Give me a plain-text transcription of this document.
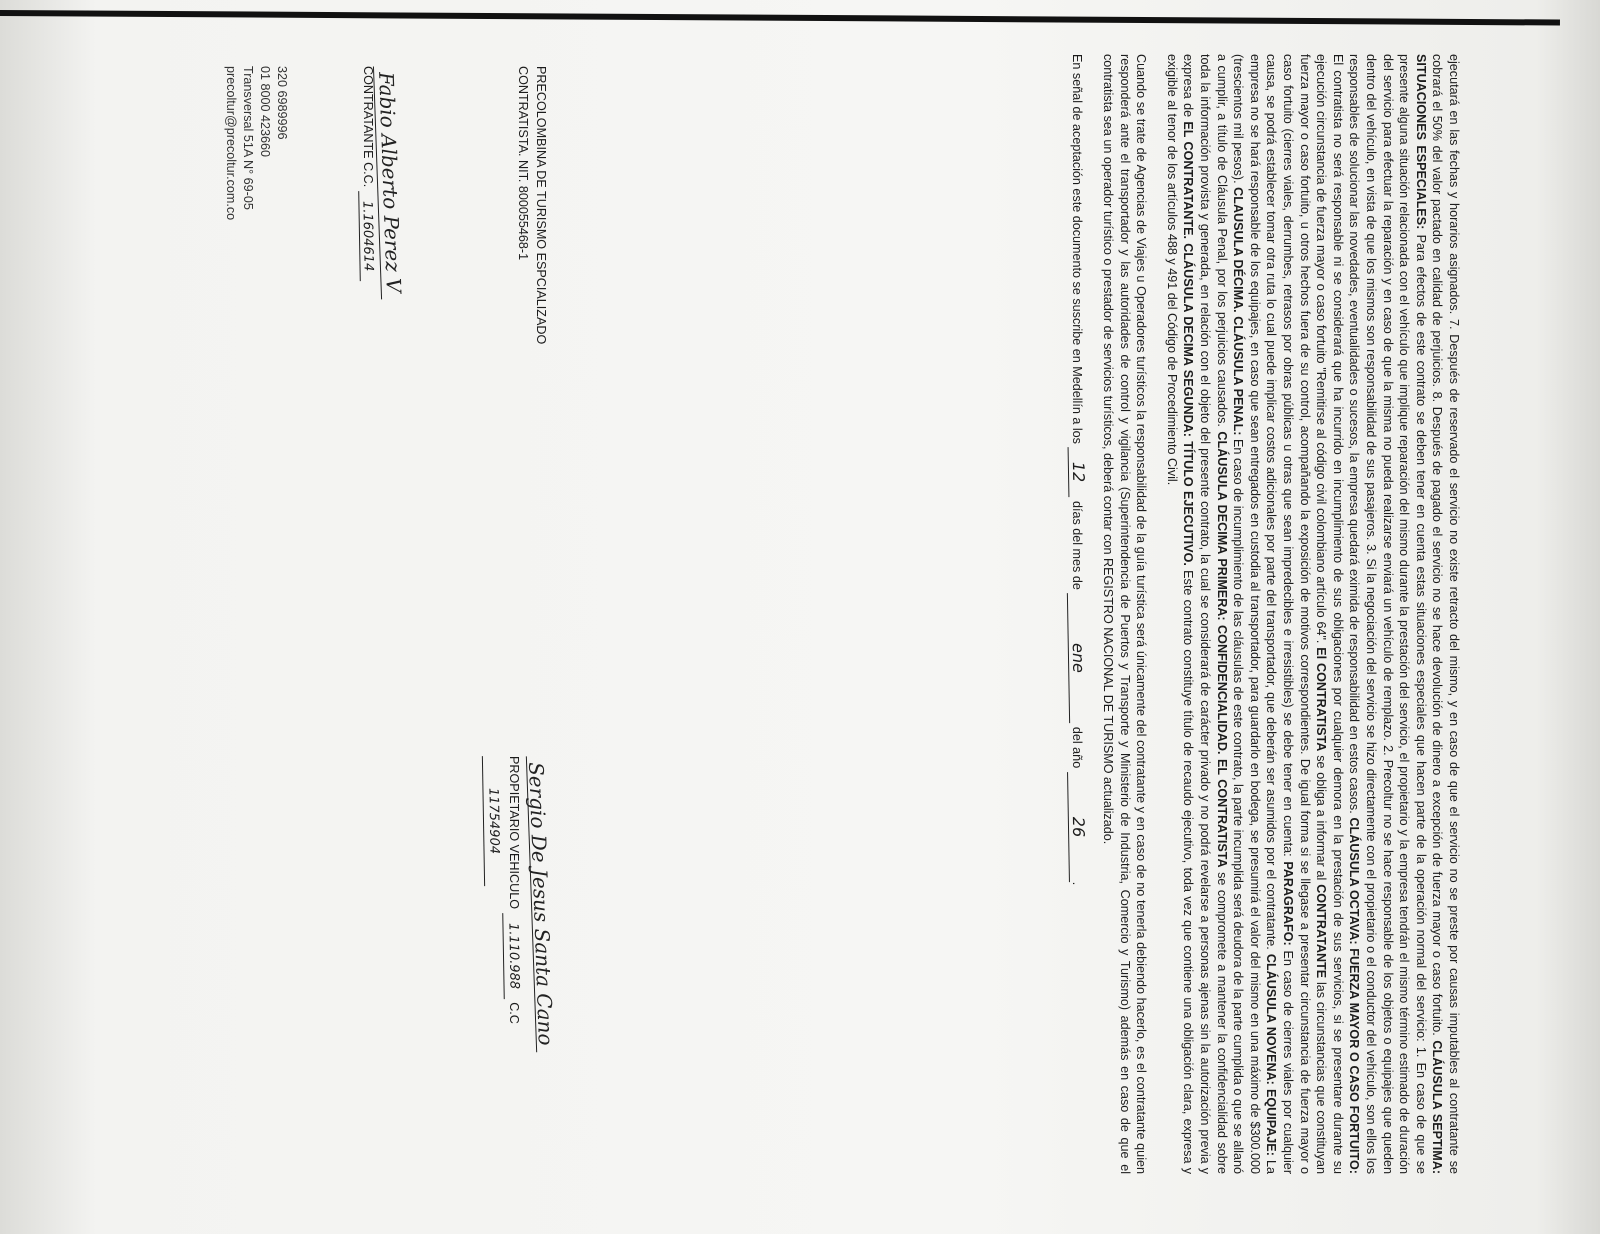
ejecutará en las fechas y horarios asignados. 7. Después de reservado el servicio no existe retracto del mismo, y en caso de que el servicio no se preste por causas imputables al contratante se cobrará el 50% del valor pactado en calidad de perjuicios. 8. Después de pagado el servicio no se hace devolución de dinero a excepción de fuerza mayor o caso fortuito. CLÁUSULA SEPTIMA: SITUACIONES ESPECIALES: Para efectos de este contrato se deben tener en cuenta estas situaciones especiales que hacen parte de la operación normal del servicio: 1. En caso de que se presente alguna situación relacionada con el vehículo que implique reparación del mismo durante la prestación del servicio, el propietario y la empresa tendrán el mismo término estimado de duración del servicio para efectuar la reparación y en caso de que la misma no pueda realizarse enviará un vehículo de remplazo. 2. Precoltur no se hace responsable de los objetos o equipajes que queden dentro del vehículo, en vista de que los mismos son responsabilidad de sus pasajeros. 3. Si la negociación del servicio se hizo directamente con el propietario o el conductor del vehículo, son ellos los responsables de solucionar las novedades, eventualidades o sucesos, la empresa quedará eximida de responsabilidad en estos casos. CLÁUSULA OCTAVA: FUERZA MAYOR O CASO FORTUITO: El contratista no será responsable ni se considerará que ha incurrido en incumplimiento de sus obligaciones por cualquier demora en la prestación de sus servicios, si se presentare durante su ejecución circunstancia de fuerza mayor o caso fortuito "Remitirse al código civil colombiano artículo 64". El CONTRATISTA se obliga a informar al CONTRATANTE las circunstancias que constituyan fuerza mayor o caso fortuito, u otros hechos fuera de su control, acompañando la exposición de motivos correspondientes. De igual forma si se llegase a presentar circunstancia de fuerza mayor o caso fortuito (cierres viales, derrumbes, retrasos por obras públicas u otras que sean impredecibles e irresistibles) se debe tener en cuenta: PARAGRAFO: En caso de cierres viales por cualquier causa, se podrá establecer tomar otra ruta lo cual puede implicar costos adicionales por parte del transportador, que deberán ser asumidos por el contratante. CLÁUSULA NOVENA: EQUIPAJE: La empresa no se hará responsable de los equipajes, en caso que sean entregados en custodia al transportador, para guardarlo en bodega, se presumirá el valor del mismo en una máximo de $300.000 (trescientos mil pesos). CLAUSULA DÉCIMA. CLÁUSULA PENAL: En caso de incumplimiento de las cláusulas de este contrato, la parte incumplida será deudora de la parte cumplida o que se allanó a cumplir, a título de Cláusula Penal, por los perjuicios causados. CLÁUSULA DECIMA PRIMERA: CONFIDENCIALIDAD. EL CONTRATISTA se compromete a mantener la confidencialidad sobre toda la información provista y generada, en relación con el objeto del presente contrato, la cual se considerará de carácter privado y no podrá revelarse a personas ajenas sin la autorización previa y expresa de EL CONTRATANTE. CLÁUSULA DECIMA SEGUNDA: TÍTULO EJECUTIVO. Este contrato constituye título de recaudo ejecutivo, toda vez que contiene una obligación clara, expresa y exigible al tenor de los artículos 488 y 491 del Código de Procedimiento Civil.

Cuando se trate de Agencias de Viajes u Operadores turísticos la responsabilidad de la guía turística será únicamente del contratante y en caso de no tenerla debiendo hacerlo, es el contratante quien responderá ante el transportador y las autoridades de control y vigilancia (Superintendencia de Puertos y Transporte y Ministerio de Industria, Comercio y Turismo) además en caso de que el contratista sea un operador turístico o prestador de servicios turísticos, deberá contar con REGISTRO NACIONAL DE TURISMO actualizado.

En señal de aceptación este documento se suscribe en Medellín a los 12 días del mes de ene del año 26.

PRECOLOMBINA DE TURISMO ESPCIALIZADO
CONTRATISTA. NIT. 800055468-1
Sergio De Jesus Santa Cano
PROPIETARIO VEHICULO 1.110.988 C.C 11754904
Fabio Alberto Perez V
CONTRATANTE C.C. 1.1604614
320 6989996
01 8000 423660
Transversal 51A N° 69-05
precoltur@precoltur.com.co
